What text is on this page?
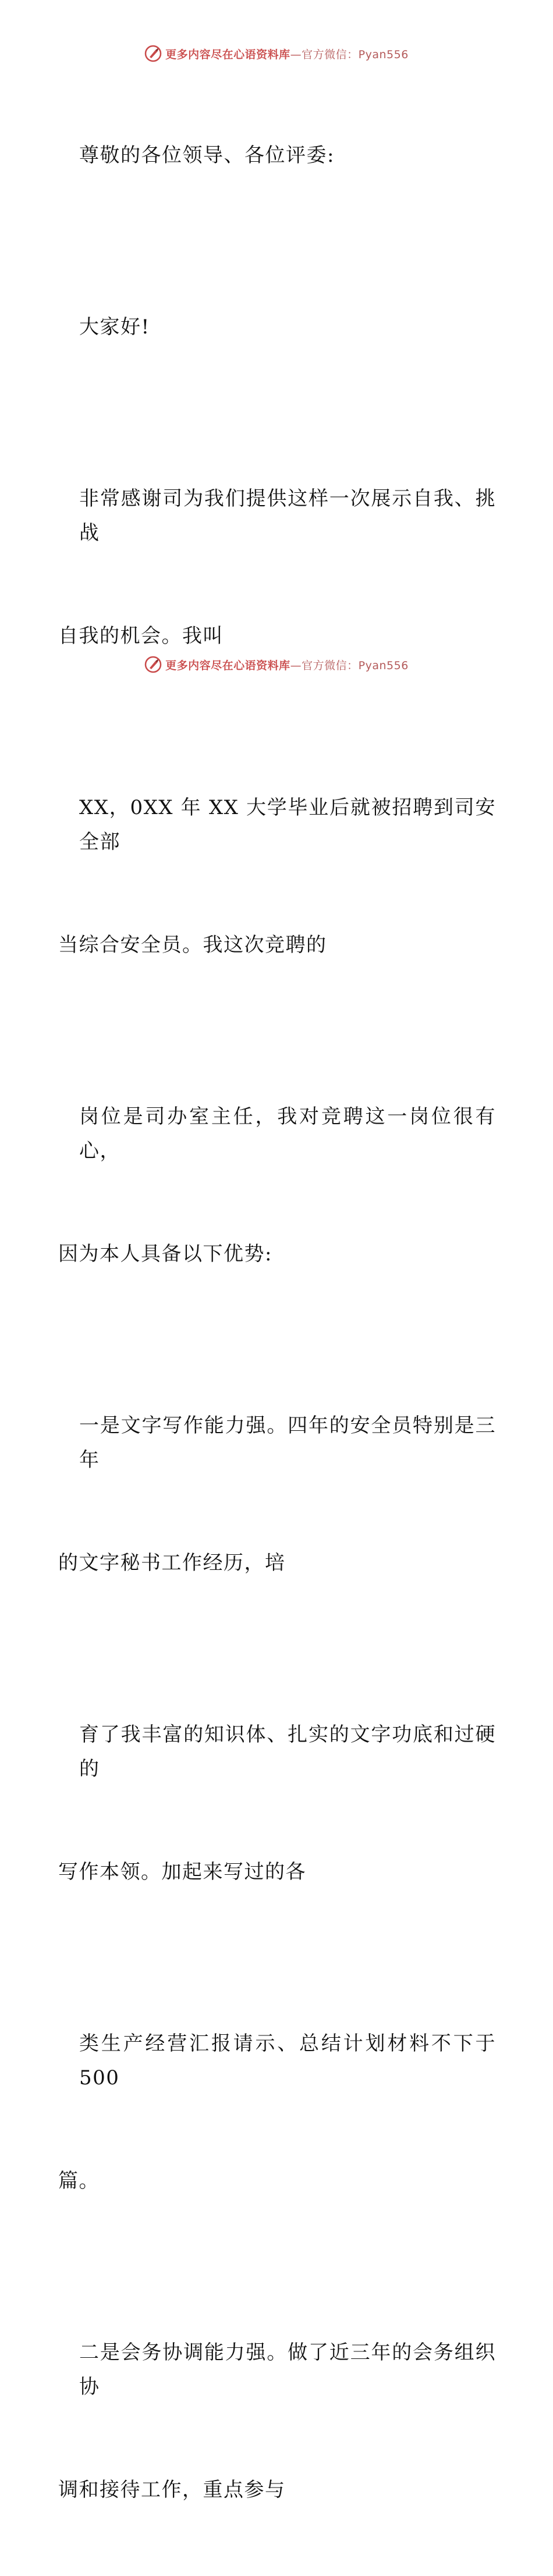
更多内容尽在心语资料库—官方微信：Pyan556

尊敬的各位领导、各位评委:

大家好!

非常感谢司为我们提供这样一次展示自我、挑战

自我的机会。我叫

XX，0XX 年 XX 大学毕业后就被招聘到司安全部

当综合安全员。我这次竞聘的

岗位是司办室主任，我对竞聘这一岗位很有心，

因为本人具备以下优势:

一是文字写作能力强。四年的安全员特别是三年

的文字秘书工作经历，培

育了我丰富的知识体、扎实的文字功底和过硬的

写作本领。加起来写过的各

类生产经营汇报请示、总结计划材料不下于 500

篇。

二是会务协调能力强。做了近三年的会务组织协

调和接待工作，重点参与

更多内容尽在心语资料库—官方微信：Pyan556
